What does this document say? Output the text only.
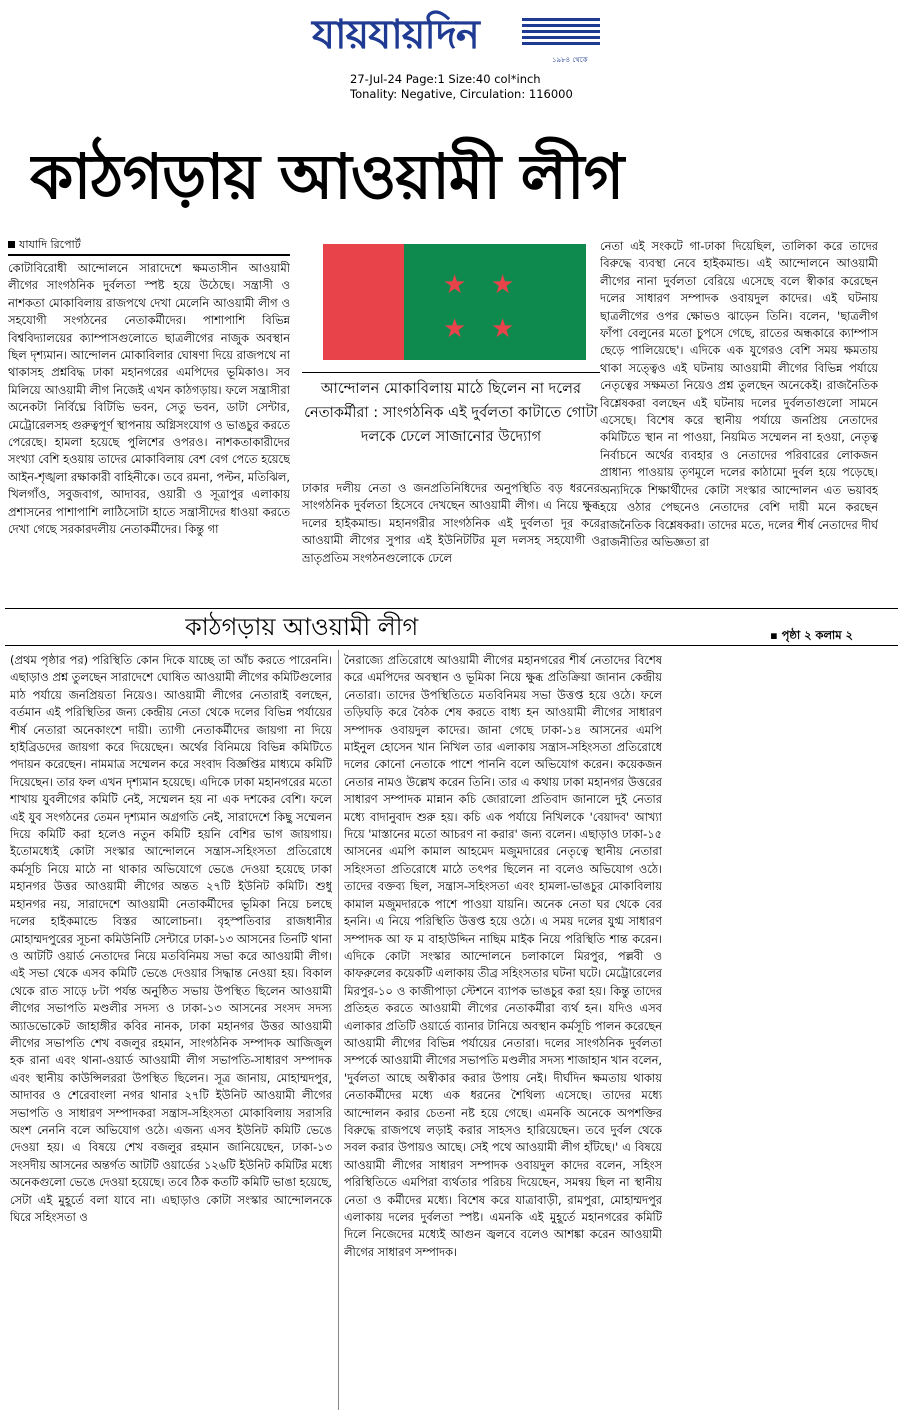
যায়যায়দিন
১৯৮৪ থেকে
27-Jul-24 Page:1 Size:40 col*inch
Tonality: Negative, Circulation: 116000
কাঠগড়ায় আওয়ামী লীগ
যাযাদি রিপোর্ট

কোটাবিরোধী আন্দোলনে সারাদেশে ক্ষমতাসীন আওয়ামী লীগের সাংগঠনিক দুর্বলতা স্পষ্ট হয়ে উঠেছে। সন্ত্রাসী ও নাশকতা মোকাবিলায় রাজপথে দেখা মেলেনি আওয়ামী লীগ ও সহযোগী সংগঠনের নেতাকর্মীদের। পাশাপাশি বিভিন্ন বিশ্ববিদ্যালয়ের ক্যাম্পাসগুলোতে ছাত্রলীগের নাজুক অবস্থান ছিল দৃশ্যমান। আন্দোলন মোকাবিলার ঘোষণা দিয়ে রাজপথে না থাকাসহ প্রশ্নবিদ্ধ ঢাকা মহানগরের এমপিদের ভূমিকাও। সব মিলিয়ে আওয়ামী লীগ নিজেই এখন কাঠগড়ায়। ফলে সন্ত্রাসীরা অনেকটা নির্বিঘ্নে বিটিভি ভবন, সেতু ভবন, ডাটা সেন্টার, মেট্রোরেলসহ গুরুত্বপূর্ণ স্থাপনায় অগ্নিসংযোগ ও ভাঙচুর করতে পেরেছে। হামলা হয়েছে পুলিশের ওপরও। নাশকতাকারীদের সংখ্যা বেশি হওয়ায় তাদের মোকাবিলায় বেশ বেগ পেতে হয়েছে আইন-শৃঙ্খলা রক্ষাকারী বাহিনীকে। তবে রমনা, পল্টন, মতিঝিল, খিলগাঁও, সবুজবাগ, আদাবর, ওয়ারী ও সূত্রাপুর এলাকায় প্রশাসনের পাশাপাশি লাঠিসোটা হাতে সন্ত্রাসীদের ধাওয়া করতে দেখা গেছে সরকারদলীয় নেতাকর্মীদের। কিন্তু গা

★ ★
★ ★
আন্দোলন মোকাবিলায় মাঠে ছিলেন না দলের নেতাকর্মীরা : সাংগঠনিক এই দুর্বলতা কাটাতে গোটা দলকে ঢেলে সাজানোর উদ্যোগ

ঢাকার দলীয় নেতা ও জনপ্রতিনিধিদের অনুপস্থিতি বড় ধরনের সাংগঠনিক দুর্বলতা হিসেবে দেখছেন আওয়ামী লীগ। এ নিয়ে ক্ষুব্ধ দলের হাইকমান্ড। মহানগরীর সাংগঠনিক এই দুর্বলতা দূর করে আওয়ামী লীগের সুপার এই ইউনিটটির মূল দলসহ সহযোগী ও ভ্রাতৃপ্রতিম সংগঠনগুলোকে ঢেলে

নেতা এই সংকটে গা-ঢাকা দিয়েছিল, তালিকা করে তাদের বিরুদ্ধে ব্যবস্থা নেবে হাইকমান্ড। এই আন্দোলনে আওয়ামী লীগের নানা দুর্বলতা বেরিয়ে এসেছে বলে স্বীকার করেছেন দলের সাধারণ সম্পাদক ওবায়দুল কাদের। এই ঘটনায় ছাত্রলীগের ওপর ক্ষোভও ঝাড়েন তিনি। বলেন, 'ছাত্রলীগ ফাঁপা বেলুনের মতো চুপসে গেছে, রাতের অন্ধকারে ক্যাম্পাস ছেড়ে পালিয়েছে'। এদিকে এক যুগেরও বেশি সময় ক্ষমতায় থাকা সত্ত্বেও এই ঘটনায় আওয়ামী লীগের বিভিন্ন পর্যায়ে নেতৃত্বের সক্ষমতা নিয়েও প্রশ্ন তুলছেন অনেকেই। রাজনৈতিক বিশ্লেষকরা বলছেন এই ঘটনায় দলের দুর্বলতাগুলো সামনে এসেছে। বিশেষ করে স্থানীয় পর্যায়ে জনপ্রিয় নেতাদের কমিটিতে স্থান না পাওয়া, নিয়মিত সম্মেলন না হওয়া, নেতৃত্ব নির্বাচনে অর্থের ব্যবহার ও নেতাদের পরিবারের লোকজন প্রাধান্য পাওয়ায় তৃণমূলে দলের কাঠামো দুর্বল হয়ে পড়েছে। অন্যদিকে শিক্ষার্থীদের কোটা সংস্কার আন্দোলন এত ভয়াবহ হয়ে ওঠার পেছনেও নেতাদের বেশি দায়ী মনে করছেন রাজনৈতিক বিশ্লেষকরা। তাদের মতে, দলের শীর্ষ নেতাদের দীর্ঘ রাজনীতির অভিজ্ঞতা রা

কাঠগড়ায় আওয়ামী লীগ	▪ পৃষ্ঠা ২ কলাম ২

(প্রথম পৃষ্ঠার পর) পরিস্থিতি কোন দিকে যাচ্ছে তা আঁচ করতে পারেননি। এছাড়াও প্রশ্ন তুলছেন সারাদেশে ঘোষিত আওয়ামী লীগের কমিটিগুলোর মাঠ পর্যায়ে জনপ্রিয়তা নিয়েও। আওয়ামী লীগের নেতারাই বলছেন, বর্তমান এই পরিস্থিতির জন্য কেন্দ্রীয় নেতা থেকে দলের বিভিন্ন পর্যায়ের শীর্ষ নেতারা অনেকাংশে দায়ী। ত্যাগী নেতাকর্মীদের জায়গা না দিয়ে হাইব্রিডদের জায়গা করে দিয়েছেন। অর্থের বিনিময়ে বিভিন্ন কমিটিতে পদায়ন করেছেন। নামমাত্র সম্মেলন করে সংবাদ বিজ্ঞপ্তির মাধ্যমে কমিটি দিয়েছেন। তার ফল এখন দৃশ্যমান হয়েছে। এদিকে ঢাকা মহানগরের মতো শাখায় যুবলীগের কমিটি নেই, সম্মেলন হয় না এক দশকের বেশি। ফলে এই যুব সংগঠনের তেমন দৃশ্যমান অগ্রগতি নেই, সারাদেশে কিছু সম্মেলন দিয়ে কমিটি করা হলেও নতুন কমিটি হয়নি বেশির ভাগ জায়গায়। ইতোমধ্যেই কোটা সংস্কার আন্দোলনে সন্ত্রাস-সহিংসতা প্রতিরোধে কর্মসূচি নিয়ে মাঠে না থাকার অভিযোগে ভেঙে দেওয়া হয়েছে ঢাকা মহানগর উত্তর আওয়ামী লীগের অন্তত ২৭টি ইউনিট কমিটি। শুধু মহানগর নয়, সারাদেশে আওয়ামী নেতাকর্মীদের ভূমিকা নিয়ে চলছে দলের হাইকমান্ডে বিস্তর আলোচনা। বৃহস্পতিবার রাজধানীর মোহাম্মদপুরের সূচনা কমিউনিটি সেন্টারে ঢাকা-১৩ আসনের তিনটি থানা ও আটটি ওয়ার্ড নেতাদের নিয়ে মতবিনিময় সভা করে আওয়ামী লীগ। এই সভা থেকে এসব কমিটি ভেঙে দেওয়ার সিদ্ধান্ত নেওয়া হয়। বিকাল থেকে রাত সাড়ে ৮টা পর্যন্ত অনুষ্ঠিত সভায় উপস্থিত ছিলেন আওয়ামী লীগের সভাপতি মণ্ডলীর সদস্য ও ঢাকা-১৩ আসনের সংসদ সদস্য অ্যাডভোকেট জাহাঙ্গীর কবির নানক, ঢাকা মহানগর উত্তর আওয়ামী লীগের সভাপতি শেখ বজলুর রহমান, সাংগঠনিক সম্পাদক আজিজুল হক রানা এবং থানা-ওয়ার্ড আওয়ামী লীগ সভাপতি-সাধারণ সম্পাদক এবং স্থানীয় কাউন্সিলররা উপস্থিত ছিলেন। সূত্র জানায়, মোহাম্মদপুর, আদাবর ও শেরেবাংলা নগর থানার ২৭টি ইউনিট আওয়ামী লীগের সভাপতি ও সাধারণ সম্পাদকরা সন্ত্রাস-সহিংসতা মোকাবিলায় সরাসরি অংশ নেননি বলে অভিযোগ ওঠে। এজন্য এসব ইউনিট কমিটি ভেঙে দেওয়া হয়। এ বিষয়ে শেখ বজলুর রহমান জানিয়েছেন, ঢাকা-১৩ সংসদীয় আসনের অন্তর্গত আটটি ওয়ার্ডের ১২৬টি ইউনিট কমিটির মধ্যে অনেকগুলো ভেঙে দেওয়া হয়েছে। তবে ঠিক কতটি কমিটি ভাঙা হয়েছে, সেটা এই মুহূর্তে বলা যাবে না। এছাড়াও কোটা সংস্কার আন্দোলনকে ঘিরে সহিংসতা ও

নৈরাজ্যে প্রতিরোধে আওয়ামী লীগের মহানগরের শীর্ষ নেতাদের বিশেষ করে এমপিদের অবস্থান ও ভূমিকা নিয়ে ক্ষুব্ধ প্রতিক্রিয়া জানান কেন্দ্রীয় নেতারা। তাদের উপস্থিতিতে মতবিনিময় সভা উত্তপ্ত হয়ে ওঠে। ফলে তড়িঘড়ি করে বৈঠক শেষ করতে বাধ্য হন আওয়ামী লীগের সাধারণ সম্পাদক ওবায়দুল কাদের। জানা গেছে ঢাকা-১৪ আসনের এমপি মাইনুল হোসেন খান নিখিল তার এলাকায় সন্ত্রাস-সহিংসতা প্রতিরোধে দলের কোনো নেতাকে পাশে পাননি বলে অভিযোগ করেন। কয়েকজন নেতার নামও উল্লেখ করেন তিনি। তার এ কথায় ঢাকা মহানগর উত্তরের সাধারণ সম্পাদক মান্নান কচি জোরালো প্রতিবাদ জানালে দুই নেতার মধ্যে বাদানুবাদ শুরু হয়। কচি এক পর্যায়ে নিখিলকে 'বেয়াদব' আখ্যা দিয়ে 'মাস্তানের মতো আচরণ না করার' জন্য বলেন। এছাড়াও ঢাকা-১৫ আসনের এমপি কামাল আহমেদ মজুমদারের নেতৃত্বে স্থানীয় নেতারা সহিংসতা প্রতিরোধে মাঠে তৎপর ছিলেন না বলেও অভিযোগ ওঠে। তাদের বক্তব্য ছিল, সন্ত্রাস-সহিংসতা এবং হামলা-ভাঙচুর মোকাবিলায় কামাল মজুমদারকে পাশে পাওয়া যায়নি। অনেক নেতা ঘর থেকে বের হননি। এ নিয়ে পরিস্থিতি উত্তপ্ত হয়ে ওঠে। এ সময় দলের যুগ্ম সাধারণ সম্পাদক আ ফ ম বাহাউদ্দিন নাছিম মাইক নিয়ে পরিস্থিতি শান্ত করেন। এদিকে কোটা সংস্কার আন্দোলনে চলাকালে মিরপুর, পল্লবী ও কাফরুলের কয়েকটি এলাকায় তীব্র সহিংসতার ঘটনা ঘটে। মেট্রোরেলের মিরপুর-১০ ও কাজীপাড়া স্টেশনে ব্যাপক ভাঙচুর করা হয়। কিন্তু তাদের প্রতিহত করতে আওয়ামী লীগের নেতাকর্মীরা ব্যর্থ হন। যদিও এসব এলাকার প্রতিটি ওয়ার্ডে ব্যানার টানিয়ে অবস্থান কর্মসূচি পালন করেছেন আওয়ামী লীগের বিভিন্ন পর্যায়ের নেতারা। দলের সাংগঠনিক দুর্বলতা সম্পর্কে আওয়ামী লীগের সভাপতি মণ্ডলীর সদস্য শাজাহান খান বলেন, 'দুর্বলতা আছে অস্বীকার করার উপায় নেই। দীর্ঘদিন ক্ষমতায় থাকায় নেতাকর্মীদের মধ্যে এক ধরনের শৈথিল্য এসেছে। তাদের মধ্যে আন্দোলন করার চেতনা নষ্ট হয়ে গেছে। এমনকি অনেকে অপশক্তির বিরুদ্ধে রাজপথে লড়াই করার সাহসও হারিয়েছেন। তবে দুর্বল থেকে সবল করার উপায়ও আছে। সেই পথে আওয়ামী লীগ হাঁটছে।' এ বিষয়ে আওয়ামী লীগের সাধারণ সম্পাদক ওবায়দুল কাদের বলেন, সহিংস পরিস্থিতিতে এমপিরা ব্যর্থতার পরিচয় দিয়েছেন, সমন্বয় ছিল না স্থানীয় নেতা ও কর্মীদের মধ্যে। বিশেষ করে যাত্রাবাড়ী, রামপুরা, মোহাম্মদপুর এলাকায় দলের দুর্বলতা স্পষ্ট। এমনকি এই মুহূর্তে মহানগরের কমিটি দিলে নিজেদের মধ্যেই আগুন জ্বলবে বলেও আশঙ্কা করেন আওয়ামী লীগের সাধারণ সম্পাদক।
